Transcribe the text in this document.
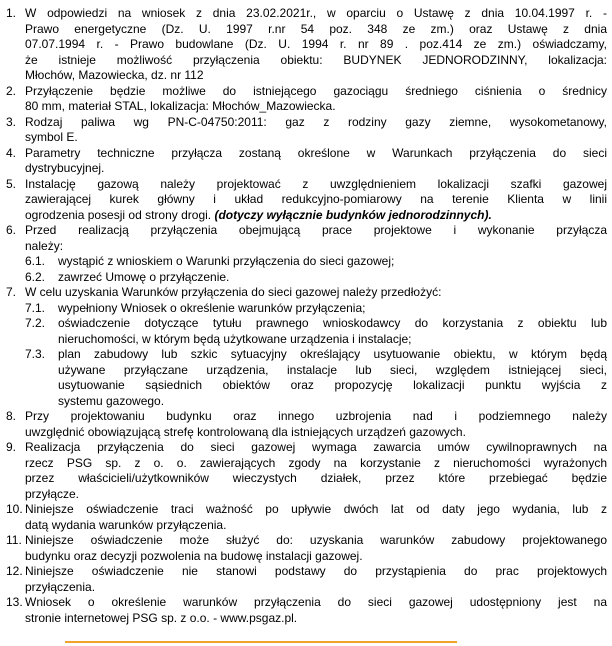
1. W odpowiedzi na wniosek z dnia 23.02.2021r., w oparciu o Ustawę z dnia 10.04.1997 r. -
Prawo energetyczne (Dz. U. 1997 r.nr 54 poz. 348 ze zm.) oraz Ustawę z dnia
07.07.1994 r. - Prawo budowlane (Dz. U. 1994 r. nr 89 . poz.414 ze zm.) oświadczamy,
że istnieje możliwość przyłączenia obiektu: BUDYNEK JEDNORODZINNY, lokalizacja:
Młochów, Mazowiecka, dz. nr 112
2. Przyłączenie będzie możliwe do istniejącego gazociągu średniego ciśnienia o średnicy
80 mm, materiał STAL, lokalizacja: Młochów_Mazowiecka.
3. Rodzaj paliwa wg PN-C-04750:2011: gaz z rodziny gazy ziemne, wysokometanowy,
symbol E.
4. Parametry techniczne przyłącza zostaną określone w Warunkach przyłączenia do sieci
dystrybucyjnej.
5. Instalację gazową należy projektować z uwzględnieniem lokalizacji szafki gazowej
zawierającej kurek główny i układ redukcyjno-pomiarowy na terenie Klienta w linii
ogrodzenia posesji od strony drogi. (dotyczy wyłącznie budynków jednorodzinnych).
6. Przed realizacją przyłączenia obejmującą prace projektowe i wykonanie przyłącza
należy:
6.1. wystąpić z wnioskiem o Warunki przyłączenia do sieci gazowej;
6.2. zawrzeć Umowę o przyłączenie.
7. W celu uzyskania Warunków przyłączenia do sieci gazowej należy przedłożyć:
7.1. wypełniony Wniosek o określenie warunków przyłączenia;
7.2. oświadczenie dotyczące tytułu prawnego wnioskodawcy do korzystania z obiektu lub
nieruchomości, w którym będą użytkowane urządzenia i instalacje;
7.3. plan zabudowy lub szkic sytuacyjny określający usytuowanie obiektu, w którym będą
używane przyłączane urządzenia, instalacje lub sieci, względem istniejącej sieci,
usytuowanie sąsiednich obiektów oraz propozycję lokalizacji punktu wyjścia z
systemu gazowego.
8. Przy projektowaniu budynku oraz innego uzbrojenia nad i podziemnego należy
uwzględnić obowiązującą strefę kontrolowaną dla istniejących urządzeń gazowych.
9. Realizacja przyłączenia do sieci gazowej wymaga zawarcia umów cywilnoprawnych na
rzecz PSG sp. z o. o. zawierających zgody na korzystanie z nieruchomości wyrażonych
przez właścicieli/użytkowników wieczystych działek, przez które przebiegać będzie
przyłącze.
10. Niniejsze oświadczenie traci ważność po upływie dwóch lat od daty jego wydania, lub z
datą wydania warunków przyłączenia.
11. Niniejsze oświadczenie może służyć do: uzyskania warunków zabudowy projektowanego
budynku oraz decyzji pozwolenia na budowę instalacji gazowej.
12. Niniejsze oświadczenie nie stanowi podstawy do przystąpienia do prac projektowych
przyłączenia.
13. Wniosek o określenie warunków przyłączenia do sieci gazowej udostępniony jest na
stronie internetowej PSG sp. z o.o. - www.psgaz.pl.
